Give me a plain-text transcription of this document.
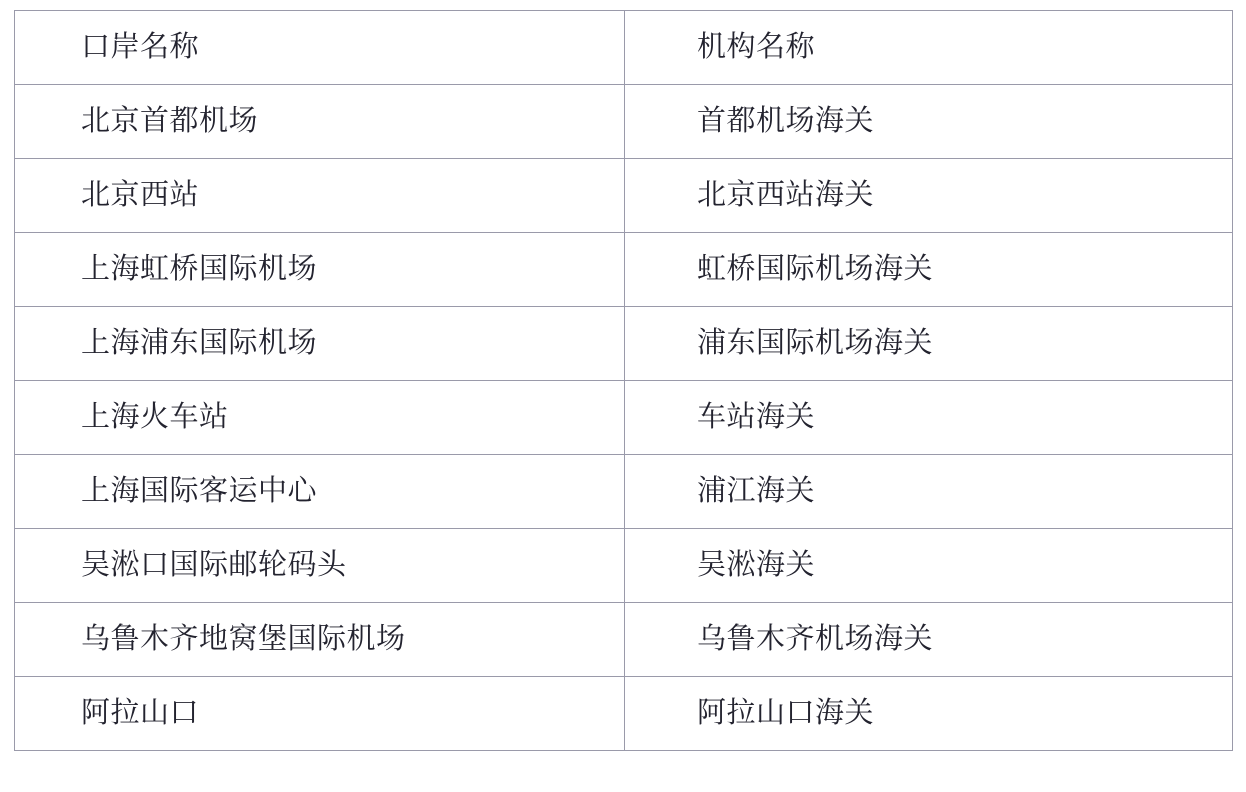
口岸名称	机构名称
北京首都机场	首都机场海关
北京西站	北京西站海关
上海虹桥国际机场	虹桥国际机场海关
上海浦东国际机场	浦东国际机场海关
上海火车站	车站海关
上海国际客运中心	浦江海关
吴淞口国际邮轮码头	吴淞海关
乌鲁木齐地窝堡国际机场	乌鲁木齐机场海关
阿拉山口	阿拉山口海关
